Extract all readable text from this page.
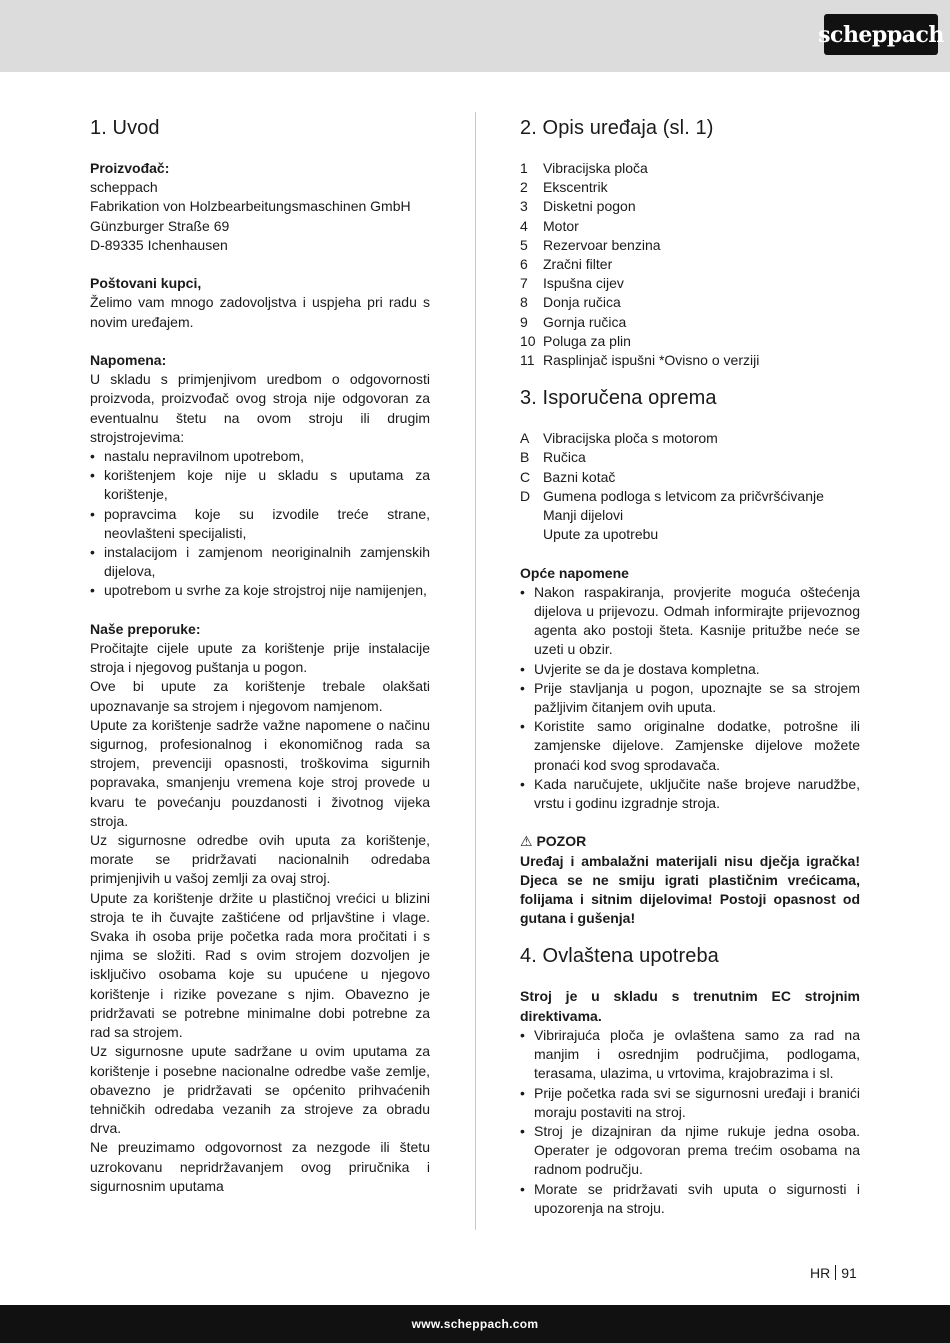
scheppach
1. Uvod

Proizvođač:

scheppach

Fabrikation von Holzbearbeitungsmaschinen GmbH

Günzburger Straße 69

D-89335 Ichenhausen

Poštovani kupci,

Želimo vam mnogo zadovoljstva i uspjeha pri radu s novim uređajem.

Napomena:

U skladu s primjenjivom uredbom o odgovornosti proizvoda, proizvođač ovog stroja nije odgovoran za eventualnu štetu na ovom stroju ili drugim strojstrojevima:

• nastalu nepravilnom upotrebom,
• korištenjem koje nije u skladu s uputama za korištenje,
• popravcima koje su izvodile treće strane, neovlašteni specijalisti,
• instalacijom i zamjenom neoriginalnih zamjenskih dijelova,
• upotrebom u svrhe za koje strojstroj nije namijenjen,

Naše preporuke:

Pročitajte cijele upute za korištenje prije instalacije stroja i njegovog puštanja u pogon.

Ove bi upute za korištenje trebale olakšati upoznavanje sa strojem i njegovom namjenom.

Upute za korištenje sadrže važne napomene o načinu sigurnog, profesionalnog i ekonomičnog rada sa strojem, prevenciji opasnosti, troškovima sigurnih popravaka, smanjenju vremena koje stroj provede u kvaru te povećanju pouzdanosti i životnog vijeka stroja.

Uz sigurnosne odredbe ovih uputa za korištenje, morate se pridržavati nacionalnih odredaba primjenjivih u vašoj zemlji za ovaj stroj.

Upute za korištenje držite u plastičnoj vrećici u blizini stroja te ih čuvajte zaštićene od prljavštine i vlage. Svaka ih osoba prije početka rada mora pročitati i s njima se složiti. Rad s ovim strojem dozvoljen je isključivo osobama koje su upućene u njegovo korištenje i rizike povezane s njim. Obavezno je pridržavati se potrebne minimalne dobi potrebne za rad sa strojem.

Uz sigurnosne upute sadržane u ovim uputama za korištenje i posebne nacionalne odredbe vaše zemlje, obavezno je pridržavati se općenito prihvaćenih tehničkih odredaba vezanih za strojeve za obradu drva.

Ne preuzimamo odgovornost za nezgode ili štetu uzrokovanu nepridržavanjem ovog priručnika i sigurnosnim uputama

2. Opis uređaja (sl. 1)
1	Vibracijska ploča
2	Ekscentrik
3	Disketni pogon
4	Motor
5	Rezervoar benzina
6	Zračni filter
7	Ispušna cijev
8	Donja ručica
9	Gornja ručica
10 Poluga za plin
11 Rasplinjač ispušni *Ovisno o verziji
3. Isporučena oprema
A Vibracijska ploča s motorom
B Ručica
C Bazni kotač
D Gumena podloga s letvicom za pričvršćivanje
Manji dijelovi
Upute za upotrebu

Opće napomene

• Nakon raspakiranja, provjerite moguća oštećenja dijelova u prijevozu. Odmah informirajte prijevoznog agenta ako postoji šteta. Kasnije pritužbe neće se uzeti u obzir.
• Uvjerite se da je dostava kompletna.
• Prije stavljanja u pogon, upoznajte se sa strojem pažljivim čitanjem ovih uputa.
• Koristite samo originalne dodatke, potrošne ili zamjenske dijelove. Zamjenske dijelove možete pronaći kod svog sprodavača.
• Kada naručujete, uključite naše brojeve narudžbe, vrstu i godinu izgradnje stroja.

⚠ POZOR

Uređaj i ambalažni materijali nisu dječja igračka! Djeca se ne smiju igrati plastičnim vrećicama, folijama i sitnim dijelovima! Postoji opasnost od gutana i gušenja!

4. Ovlaštena upotreba

Stroj je u skladu s trenutnim EC strojnim direktivama.

• Vibrirajuća ploča je ovlaštena samo za rad na manjim i osrednjim područjima, podlogama, terasama, ulazima, u vrtovima, krajobrazima i sl.
• Prije početka rada svi se sigurnosni uređaji i branići moraju postaviti na stroj.
• Stroj je dizajniran da njime rukuje jedna osoba. Operater je odgovoran prema trećim osobama na radnom području.
• Morate se pridržavati svih uputa o sigurnosti i upozorenja na stroju.
HR 91
www.scheppach.com
